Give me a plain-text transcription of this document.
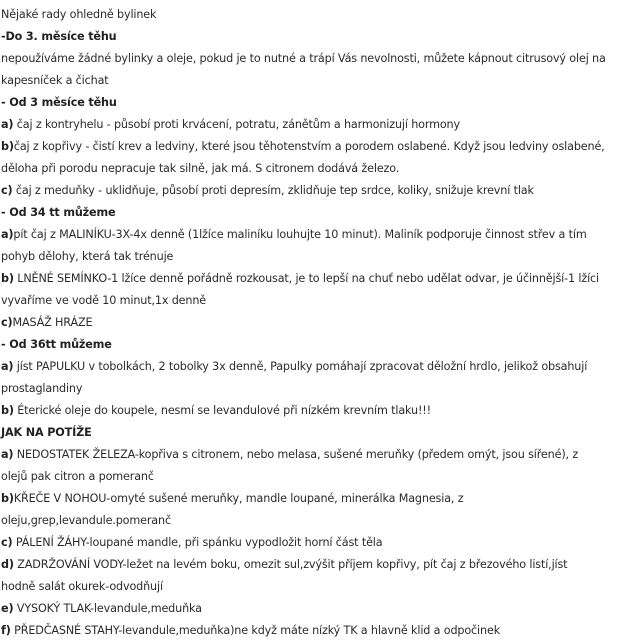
Nějaké rady ohledně bylinek
-Do 3. měsíce těhu
nepoužíváme žádné bylinky a oleje, pokud je to nutné a trápí Vás nevolnosti, můžete kápnout citrusový olej na
kapesníček a čichat
- Od 3 měsíce těhu
a) čaj z kontryhelu - působí proti krvácení, potratu, zánětům a harmonizují hormony
b)čaj z kopřivy - čistí krev a ledviny, které jsou těhotenstvím a porodem oslabené. Když jsou ledviny oslabené,
děloha při porodu nepracuje tak silně, jak má. S citronem dodává železo.
c) čaj z meduňky - uklidňuje, působí proti depresím, zklidňuje tep srdce, koliky, snižuje krevní tlak
- Od 34 tt můžeme
a)pít čaj z MALINÍKU-3X-4x denně (1lžíce maliníku louhujte 10 minut). Maliník podporuje činnost střev a tím
pohyb dělohy, která tak trénuje
b) LNĚNÉ SEMÍNKO-1 lžíce denně pořádně rozkousat, je to lepší na chuť nebo udělat odvar, je účinnější-1 lžíci
vyvaříme ve vodě 10 minut,1x denně
c)MASÁŽ HRÁZE
- Od 36tt můžeme
a) jíst PAPULKU v tobolkách, 2 tobolky 3x denně, Papulky pomáhají zpracovat děložní hrdlo, jelikož obsahují
prostaglandiny
b) Éterické oleje do koupele, nesmí se levandulové při nízkém krevním tlaku!!!
JAK NA POTÍŽE
a) NEDOSTATEK ŽELEZA-kopřiva s citronem, nebo melasa, sušené meruňky (předem omýt, jsou sířené), z
olejů pak citron a pomeranč
b)KŘEČE V NOHOU-omyté sušené meruňky, mandle loupané, minerálka Magnesia, z
oleju,grep,levandule.pomeranč
c) PÁLENÍ ŽÁHY-loupané mandle, při spánku vypodložit horní část těla
d) ZADRŽOVÁNÍ VODY-ležet na levém boku, omezit sul,zvýšit příjem kopřivy, pít čaj z březového listí,jíst
hodně salát okurek-odvodňují
e) VYSOKÝ TLAK-levandule,meduňka
f) PŘEDČASNÉ STAHY-levandule,meduňka)ne když máte nízký TK a hlavně klid a odpočinek
